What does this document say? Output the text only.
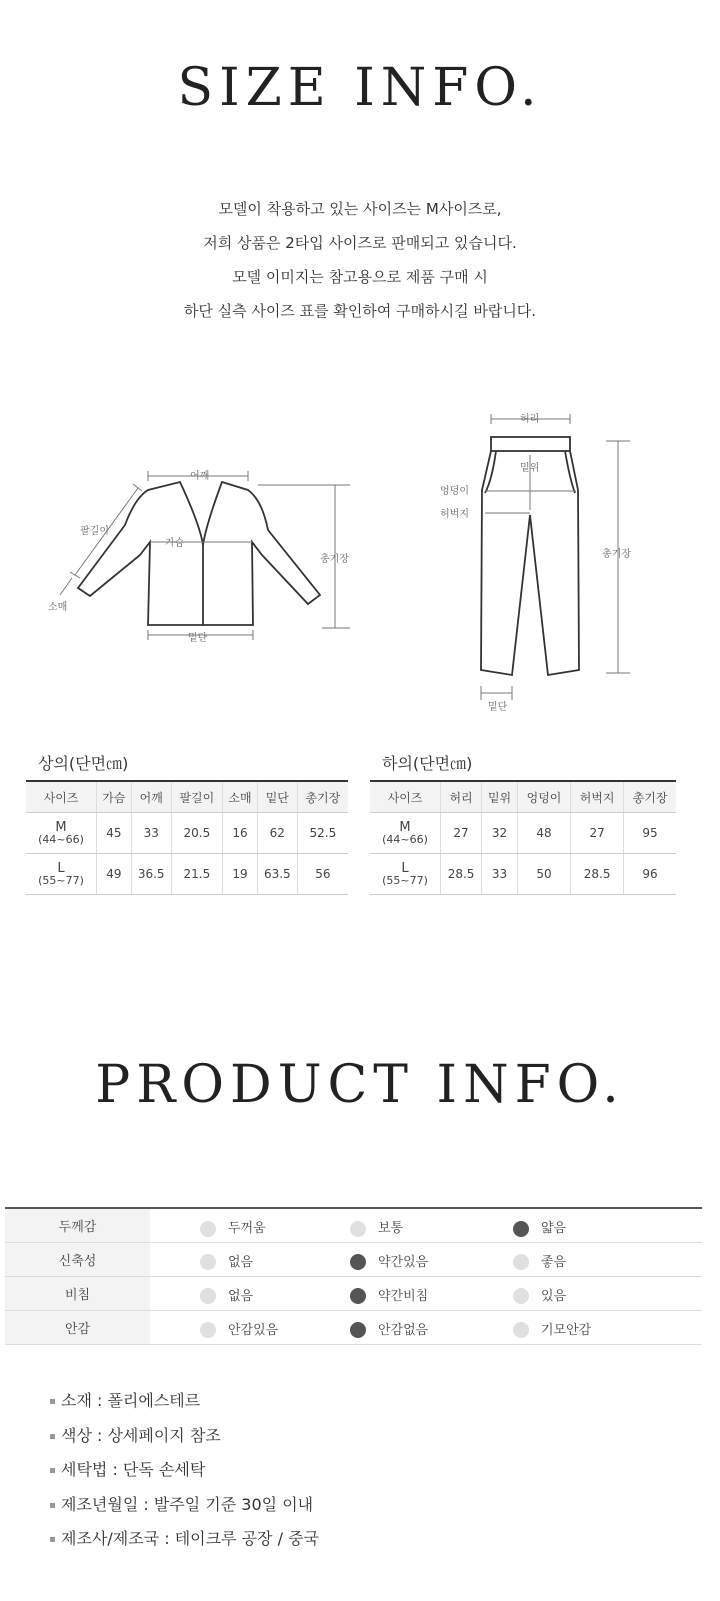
SIZE INFO.
모델이 착용하고 있는 사이즈는 M사이즈로,
저희 상품은 2타입 사이즈로 판매되고 있습니다.
모델 이미지는 참고용으로 제품 구매 시
하단 실측 사이즈 표를 확인하여 구매하시길 바랍니다.
어깨
가슴
밑단
총기장
팔길이
소매
허리
밑위
엉덩이
허벅지
총기장
밑단
상의(단면㎝)
사이즈	가슴	어깨	팔길이	소매	밑단	총기장

M
(44~66)	45	33	20.5	16	62	52.5

L
(55~77)	49	36.5	21.5	19	63.5	56
하의(단면㎝)
사이즈	허리	밑위	엉덩이	허벅지	총기장

M
(44~66)	27	32	48	27	95

L
(55~77)	28.5	33	50	28.5	96
PRODUCT INFO.
두께감	두꺼움 보통 얇음

신축성	없음 약간있음 좋음

비침	없음 약간비침 있음

안감	안감있음 안감없음 기모안감
소재 : 폴리에스테르
색상 : 상세페이지 참조
세탁법 : 단독 손세탁
제조년월일 : 발주일 기준 30일 이내
제조사/제조국 : 테이크루 공장 / 중국
